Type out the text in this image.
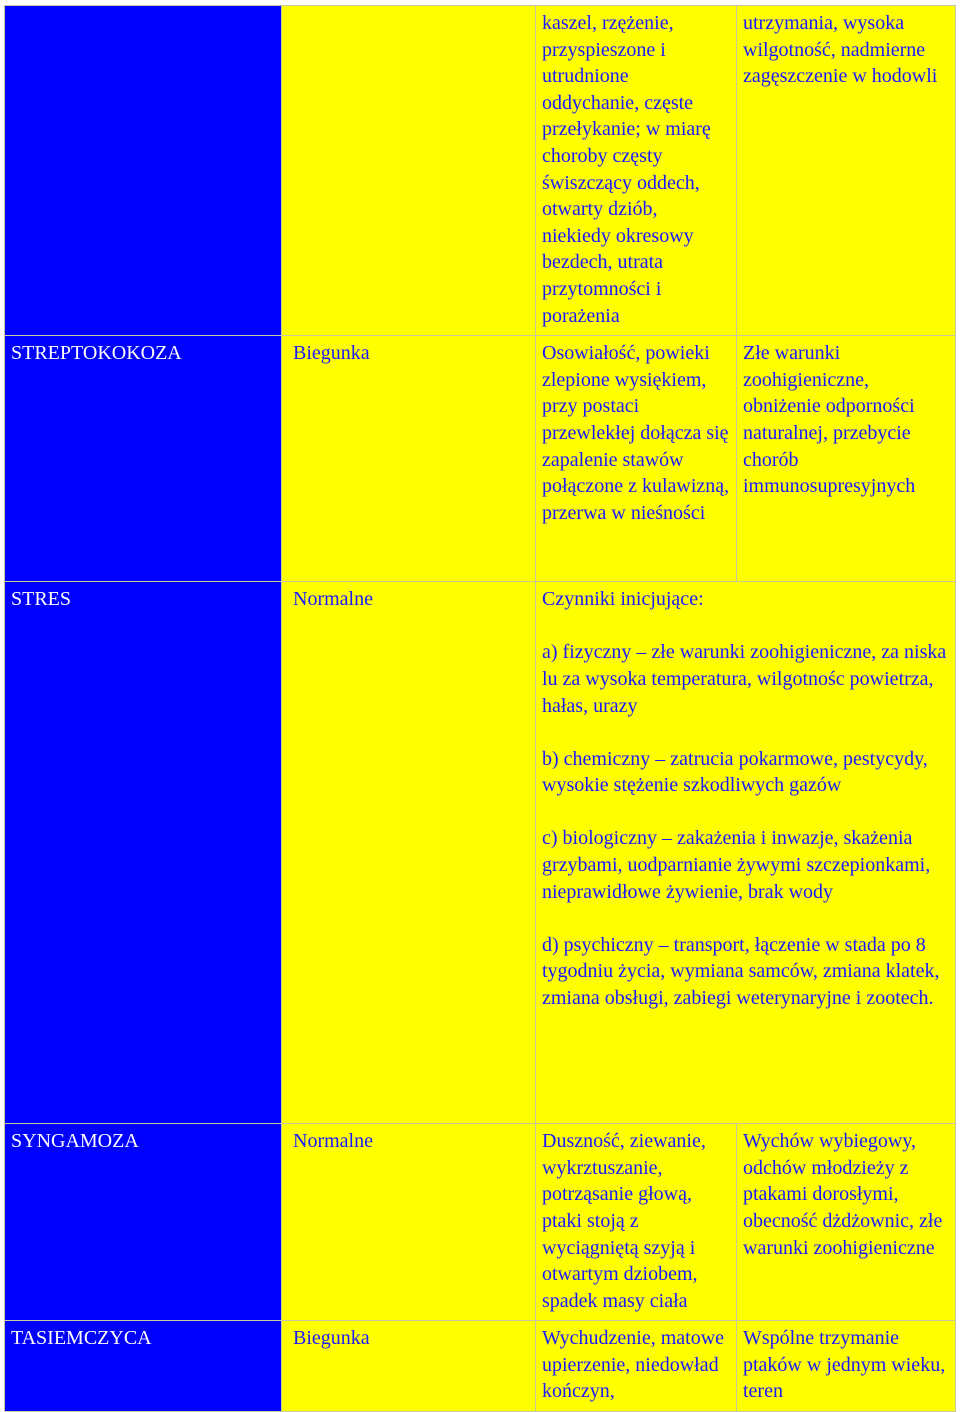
		kaszel, rzężenie, przyspieszone i utrudnione oddychanie, częste przełykanie; w miarę choroby częsty świszczący oddech, otwarty dziób, niekiedy okresowy bezdech, utrata przytomności i porażenia	utrzymania, wysoka wilgotność, nadmierne zagęszczenie w hodowli
STREPTOKOKOZA	Biegunka	Osowiałość, powieki zlepione wysiękiem, przy postaci przewlekłej dołącza się zapalenie stawów połączone z kulawizną, przerwa w nieśności	Złe warunki zoohigieniczne, obniżenie odporności naturalnej, przebycie chorób immunosupresyjnych
STRES	Normalne	Czynniki inicjujące:
a) fizyczny – złe warunki zoohigieniczne, za niska lu za wysoka temperatura, wilgotnośc powietrza, hałas, urazy
b) chemiczny – zatrucia pokarmowe, pestycydy, wysokie stężenie szkodliwych gazów
c) biologiczny – zakażenia i inwazje, skażenia grzybami, uodparnianie żywymi szczepionkami, nieprawidłowe żywienie, brak wody
d) psychiczny – transport, łączenie w stada po 8 tygodniu życia, wymiana samców, zmiana klatek, zmiana obsługi, zabiegi weterynaryjne i zootech.	

SYNGAMOZA	Normalne	Duszność, ziewanie, wykrztuszanie, potrząsanie głową, ptaki stoją z wyciągniętą szyją i otwartym dziobem, spadek masy ciała	Wychów wybiegowy, odchów młodzieży z ptakami dorosłymi, obecność dżdżownic, złe warunki zoohigieniczne
TASIEMCZYCA	Biegunka	Wychudzenie, matowe upierzenie, niedowład kończyn,	Wspólne trzymanie ptaków w jednym wieku, teren
